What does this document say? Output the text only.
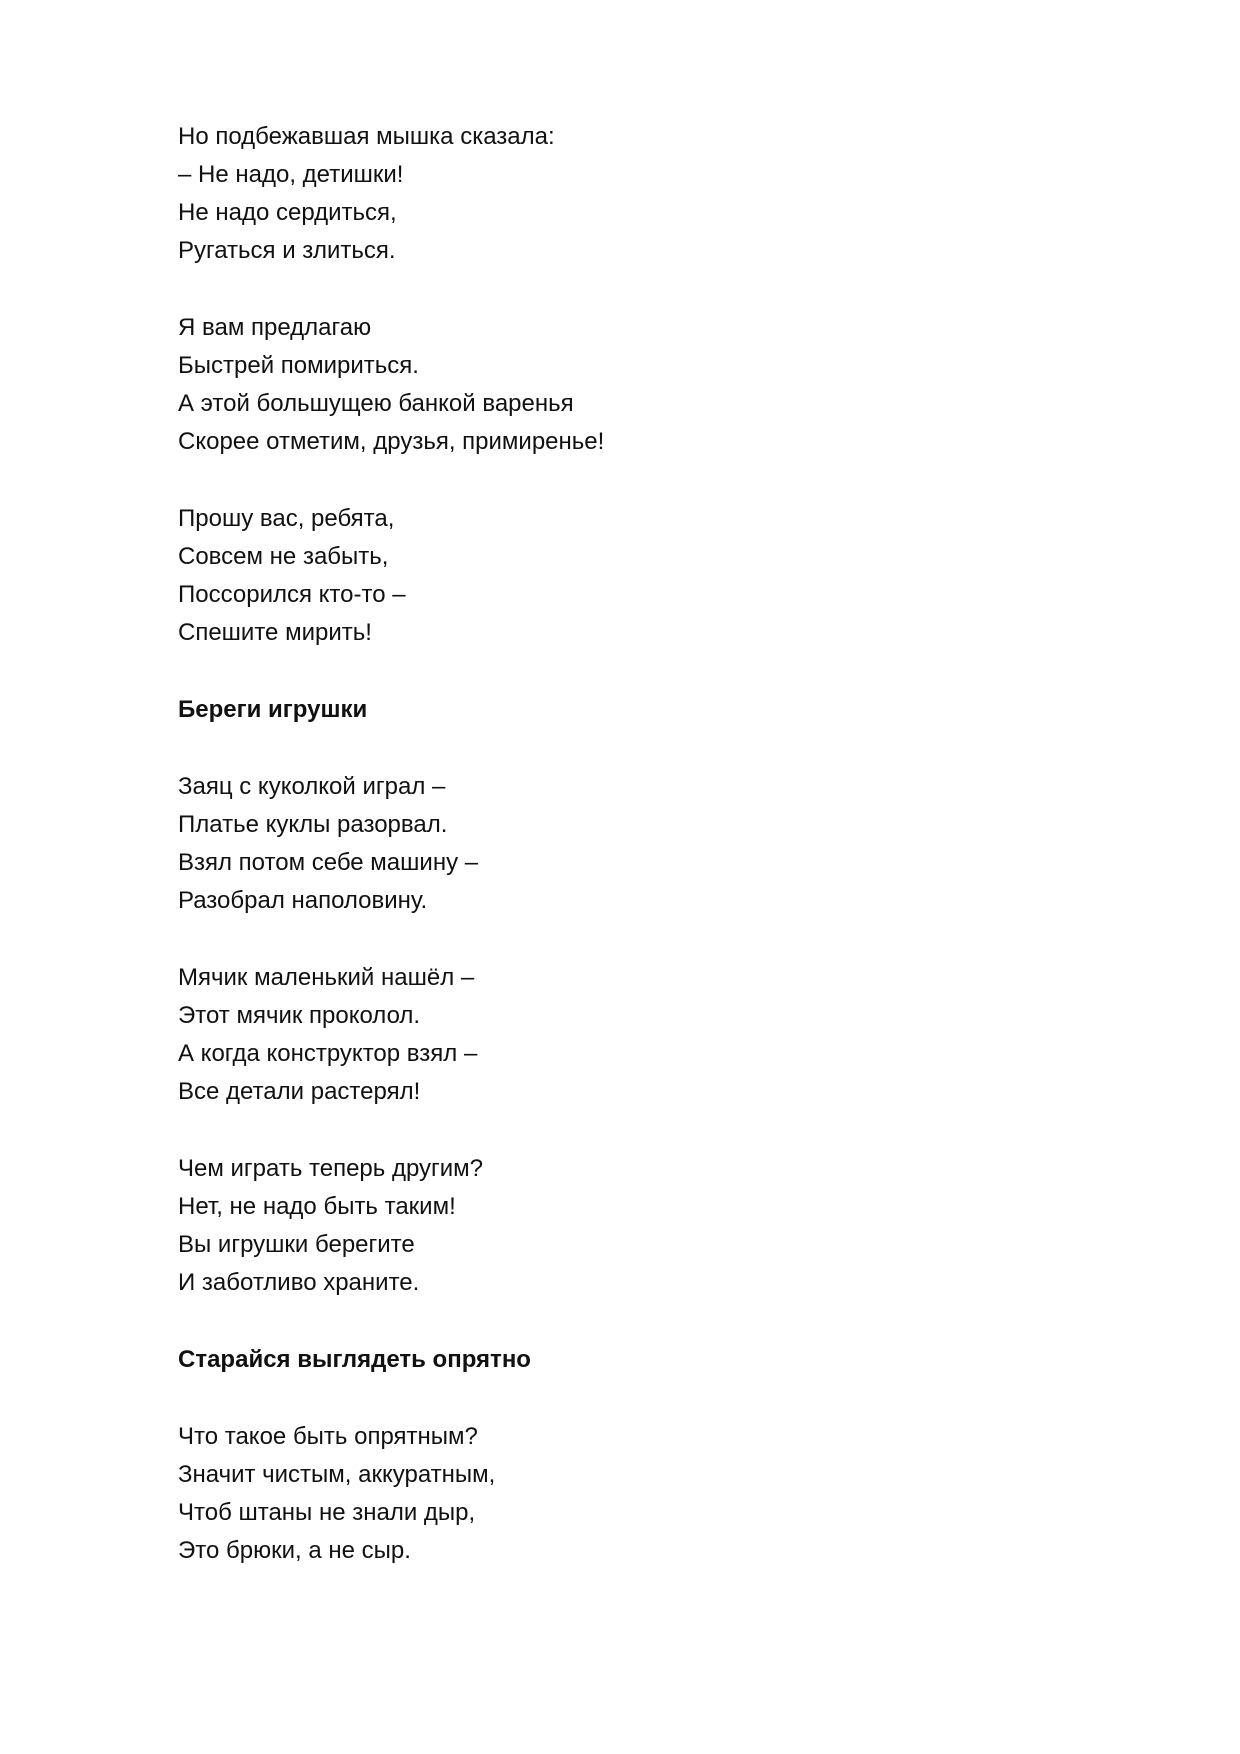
Но подбежавшая мышка сказала:
– Не надо, детишки!
Не надо сердиться,
Ругаться и злиться.
Я вам предлагаю
Быстрей помириться.
А этой большущею банкой варенья
Скорее отметим, друзья, примиренье!
Прошу вас, ребята,
Совсем не забыть,
Поссорился кто-то –
Спешите мирить!
Береги игрушки
Заяц с куколкой играл –
Платье куклы разорвал.
Взял потом себе машину –
Разобрал наполовину.
Мячик маленький нашёл –
Этот мячик проколол.
А когда конструктор взял –
Все детали растерял!
Чем играть теперь другим?
Нет, не надо быть таким!
Вы игрушки берегите
И заботливо храните.
Старайся выглядеть опрятно
Что такое быть опрятным?
Значит чистым, аккуратным,
Чтоб штаны не знали дыр,
Это брюки, а не сыр.
